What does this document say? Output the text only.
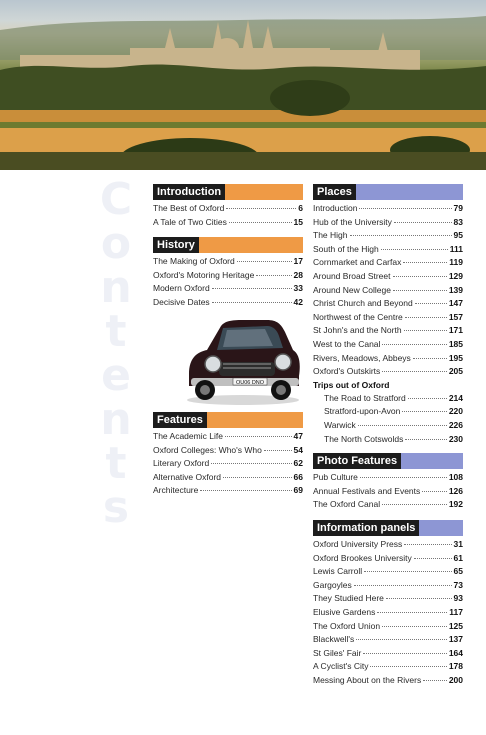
C
o
n
t
e
n
t
s
Introduction
The Best of Oxford	6
A Tale of Two Cities	15
History
The Making of Oxford	17
Oxford's Motoring Heritage	28
Modern Oxford	33
Decisive Dates	42
OU06 DNO
Features
The Academic Life	47
Oxford Colleges: Who's Who	54
Literary Oxford	62
Alternative Oxford	66
Architecture	69
Places
Introduction	79
Hub of the University	83
The High	95
South of the High	111
Cornmarket and Carfax	119
Around Broad Street	129
Around New College	139
Christ Church and Beyond	147
Northwest of the Centre	157
St John's and the North	171
West to the Canal	185
Rivers, Meadows, Abbeys	195
Oxford's Outskirts	205
Trips out of Oxford
The Road to Stratford	214
Stratford-upon-Avon	220
Warwick	226
The North Cotswolds	230
Photo Features
Pub Culture	108
Annual Festivals and Events	126
The Oxford Canal	192
Information panels
Oxford University Press	31
Oxford Brookes University	61
Lewis Carroll	65
Gargoyles	73
They Studied Here	93
Elusive Gardens	117
The Oxford Union	125
Blackwell's	137
St Giles' Fair	164
A Cyclist's City	178
Messing About on the Rivers	200
